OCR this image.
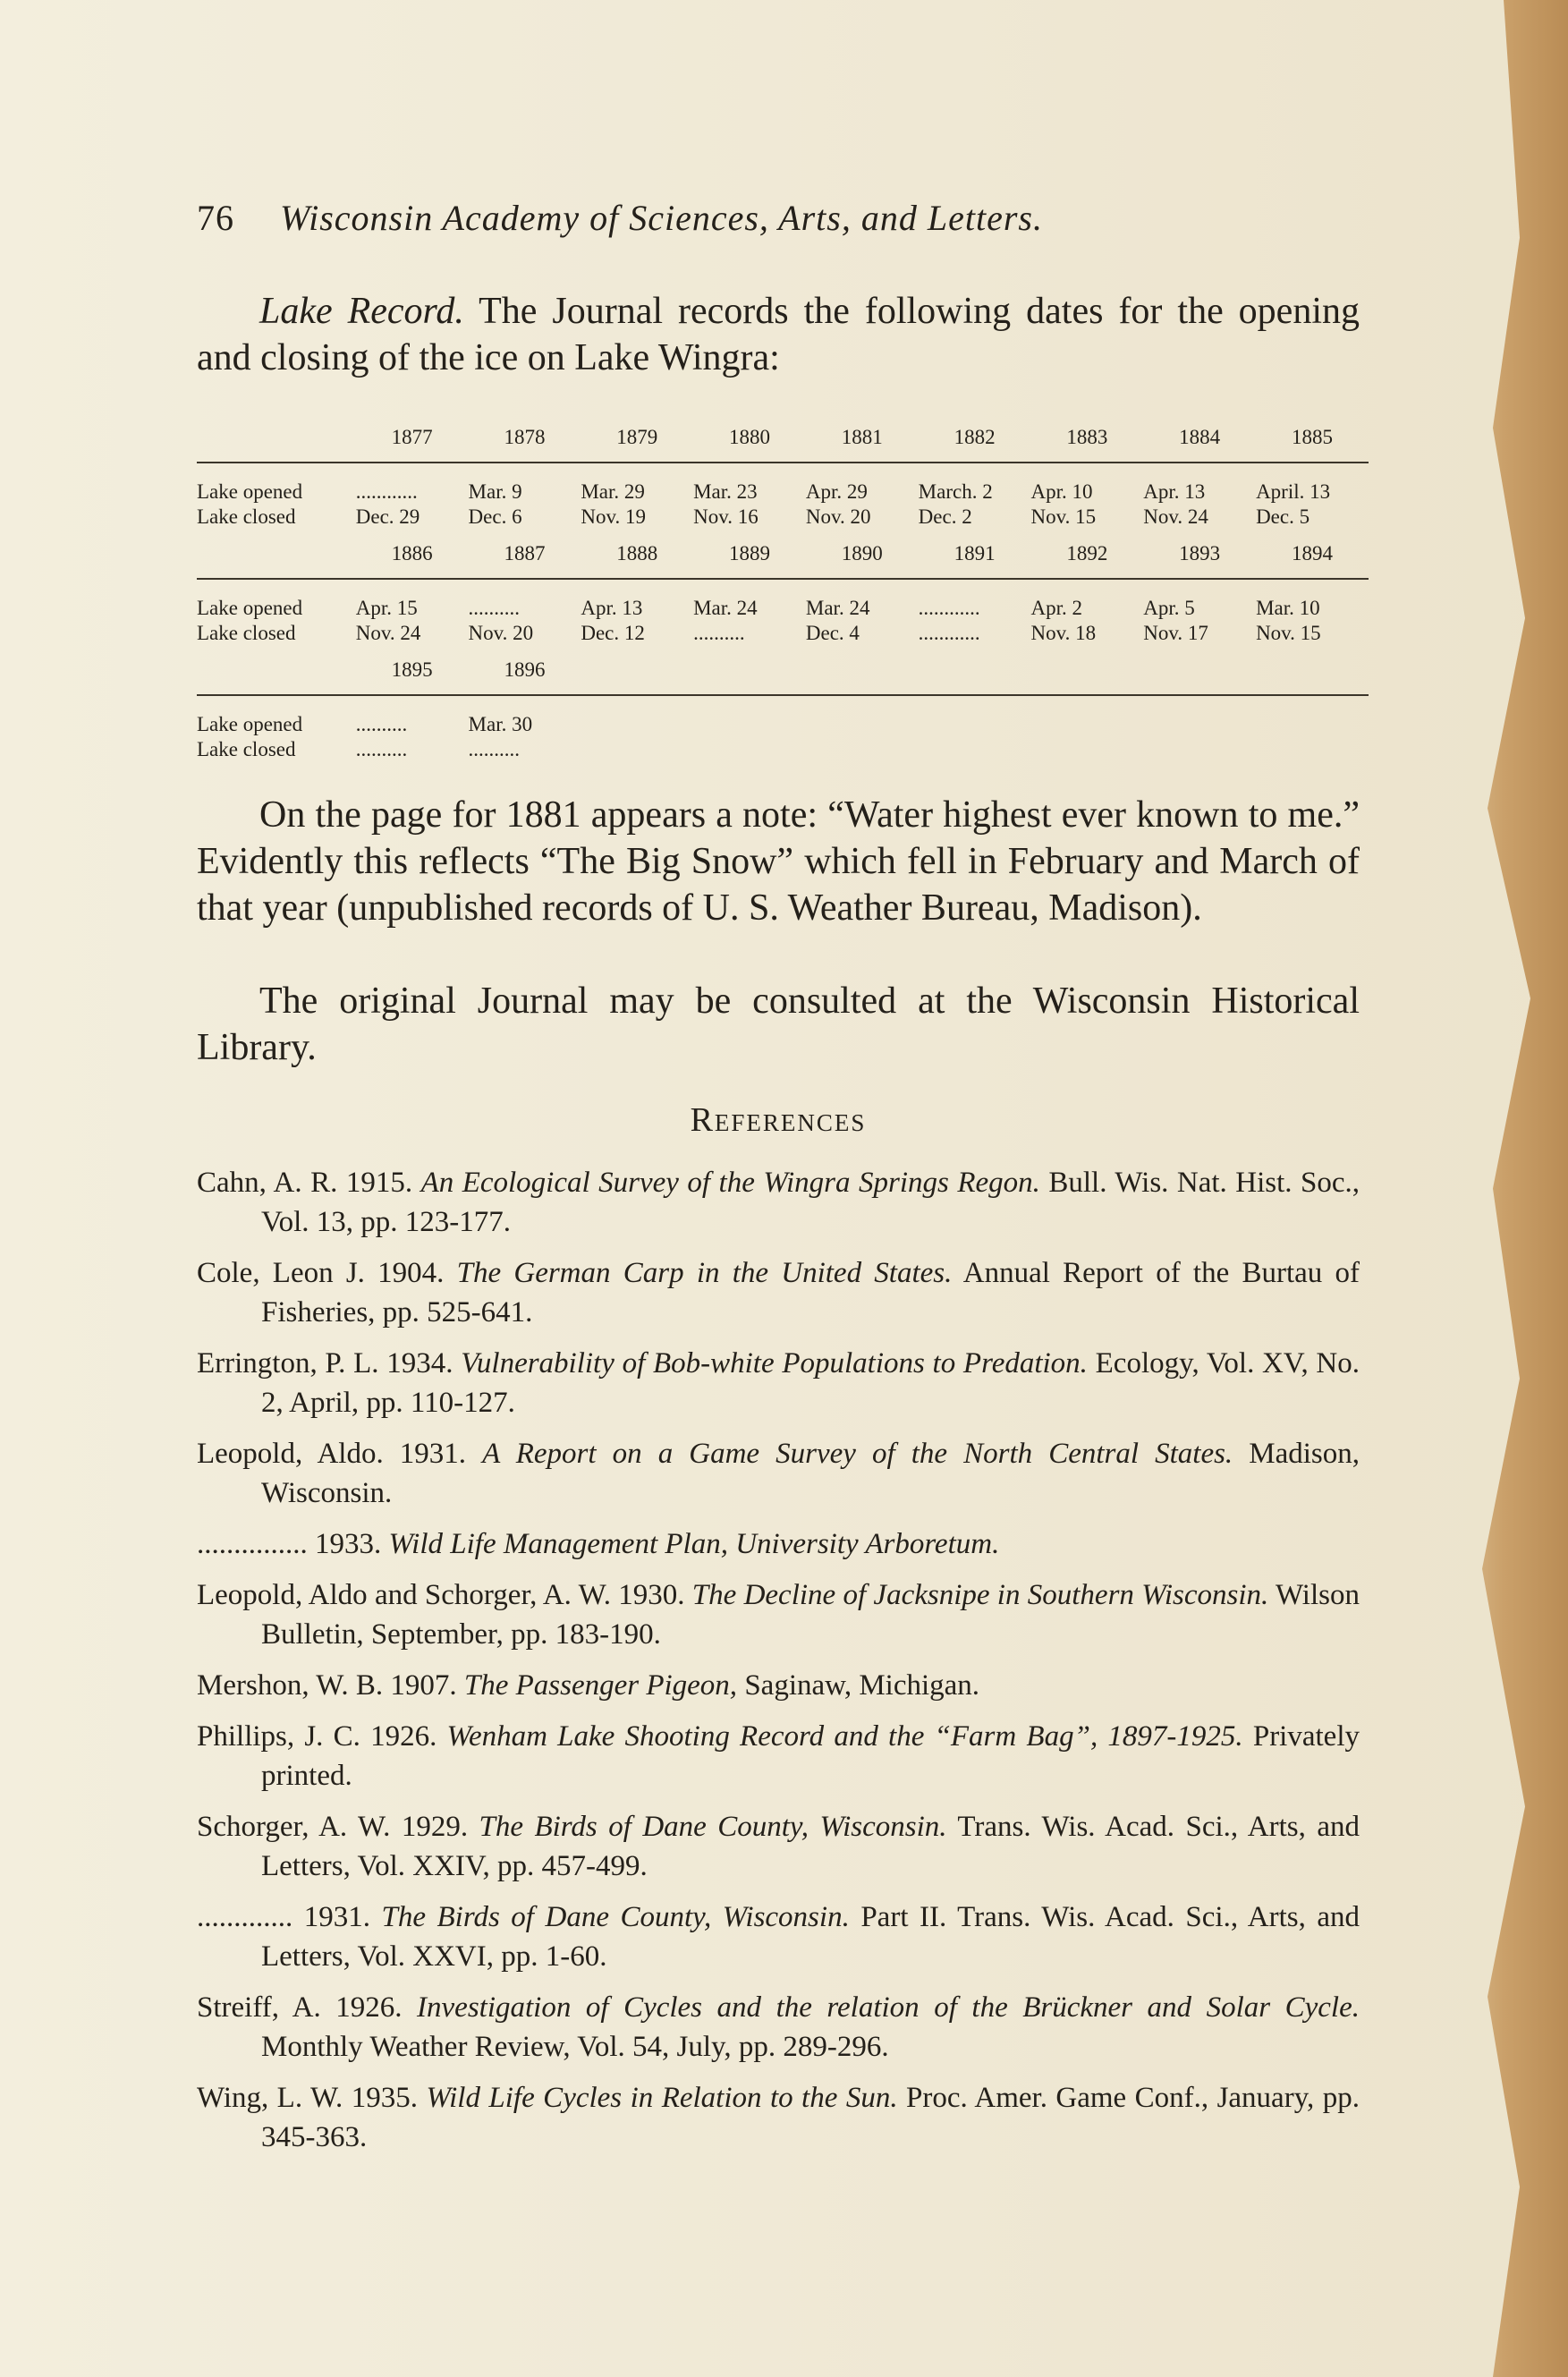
76 Wisconsin Academy of Sciences, Arts, and Letters.
Lake Record. The Journal records the following dates for the opening and closing of the ice on Lake Wingra:
	1877	1878	1879	1880	1881	1882	1883	1884	1885

Lake opened	............	Mar. 9	Mar. 29	Mar. 23	Apr. 29	March. 2	Apr. 10	Apr. 13	April. 13
Lake closed	Dec. 29	Dec. 6	Nov. 19	Nov. 16	Nov. 20	Dec. 2	Nov. 15	Nov. 24	Dec. 5
	1886	1887	1888	1889	1890	1891	1892	1893	1894

Lake opened	Apr. 15	..........	Apr. 13	Mar. 24	Mar. 24	............	Apr. 2	Apr. 5	Mar. 10
Lake closed	Nov. 24	Nov. 20	Dec. 12	..........	Dec. 4	............	Nov. 18	Nov. 17	Nov. 15
	1895	1896							

Lake opened	..........	Mar. 30							
Lake closed	..........	..........							
On the page for 1881 appears a note: “Water highest ever known to me.” Evidently this reflects “The Big Snow” which fell in February and March of that year (unpublished records of U. S. Weather Bureau, Madison).
The original Journal may be consulted at the Wisconsin Historical Library.
References
Cahn, A. R. 1915. An Ecological Survey of the Wingra Springs Regon. Bull. Wis. Nat. Hist. Soc., Vol. 13, pp. 123-177.
Cole, Leon J. 1904. The German Carp in the United States. Annual Report of the Burtau of Fisheries, pp. 525-641.
Errington, P. L. 1934. Vulnerability of Bob-white Populations to Predation. Ecology, Vol. XV, No. 2, April, pp. 110-127.
Leopold, Aldo. 1931. A Report on a Game Survey of the North Central States. Madison, Wisconsin.
............... 1933. Wild Life Management Plan, University Arboretum.
Leopold, Aldo and Schorger, A. W. 1930. The Decline of Jacksnipe in Southern Wisconsin. Wilson Bulletin, September, pp. 183-190.
Mershon, W. B. 1907. The Passenger Pigeon, Saginaw, Michigan.
Phillips, J. C. 1926. Wenham Lake Shooting Record and the “Farm Bag”, 1897-1925. Privately printed.
Schorger, A. W. 1929. The Birds of Dane County, Wisconsin. Trans. Wis. Acad. Sci., Arts, and Letters, Vol. XXIV, pp. 457-499.
............. 1931. The Birds of Dane County, Wisconsin. Part II. Trans. Wis. Acad. Sci., Arts, and Letters, Vol. XXVI, pp. 1-60.
Streiff, A. 1926. Investigation of Cycles and the relation of the Brückner and Solar Cycle. Monthly Weather Review, Vol. 54, July, pp. 289-296.
Wing, L. W. 1935. Wild Life Cycles in Relation to the Sun. Proc. Amer. Game Conf., January, pp. 345-363.
